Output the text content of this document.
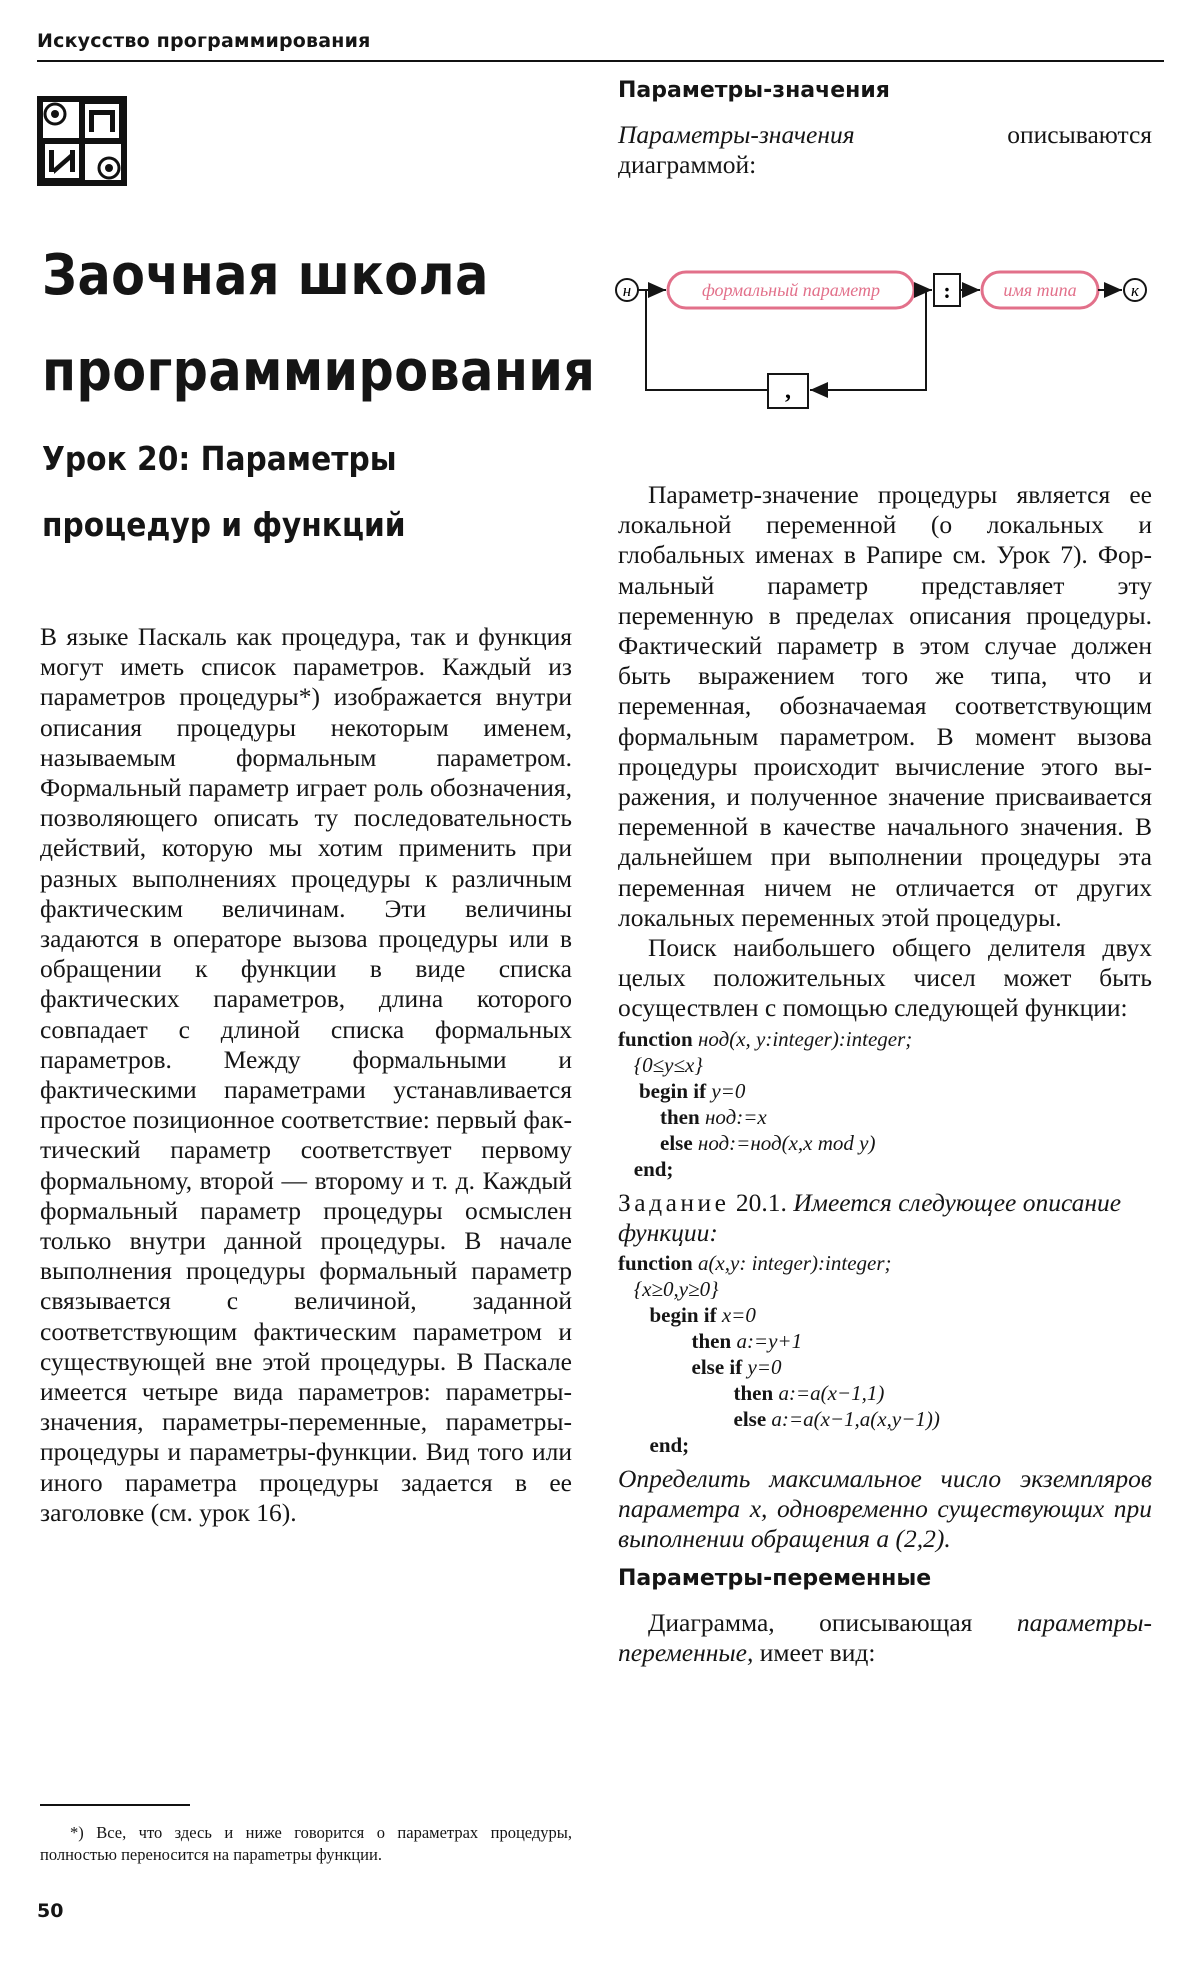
Искусство программирования
ИП
Заочная школа
программирования
Урок 20: Параметры
процедур и функций

В языке Паскаль как процедура, так и функция могут иметь список параметров. Каждый из параметров процедуры*) изображается внутри описания процедуры некоторым именем, называемым формальным параметром. Формальный параметр играет роль обозначения, позволяющего описать ту последовательность действий, которую мы хотим применить при разных выполнениях процедуры к различным фактическим величинам. Эти величины задаются в операторе вызова процедуры или в обращении к функции в виде списка фактических параметров, длина которого совпадает с длиной списка формальных параметров. Между формальными и фактическими параметрами устанавливается простое позиционное соответствие: первый фактический параметр соответствует первому формальному, второй — второму и т. д. Каждый формальный параметр процедуры осмыслен только внутри данной процедуры. В начале выполнения процедуры формальный параметр связывается с величиной, заданной соответствующим фактическим параметром и существующей вне этой процедуры. В Паскале имеется четыре вида параметров: параметры-значения, параметры-переменные, параметры-процедуры и параметры-функции. Вид того или иного параметра процедуры задается в ее заголовке (см. урок 16).

*) Все, что здесь и ниже говорится о параметрах процедуры, полностью переносится на параmетры функции.
50
Параметры-значения
Параметры-значения	описываются
диаграммой:
н	формальный параметр	:	имя типа	к
,

Параметр-значение процедуры является ее локальной переменной (о локальных и глобальных именах в Рапире см. Урок 7). Формальный параметр представляет эту переменную в пределах описания процедуры. Фактический параметр в этом случае должен быть выражением того же типа, что и переменная, обозначаемая соответствующим формальным параметром. В момент вызова процедуры происходит вычисление этого выражения, и полученное значение присваивается переменной в качестве начального значения. В дальнейшем при выполнении процедуры эта переменная ничем не отличается от других локальных переменных этой процедуры.

Поиск наибольшего общего делителя двух целых положительных чисел может быть осуществлен с помощью следующей функции:

function нод(x, y:integer):integer;
{0≤y≤x}
begin if y=0
then нод:=x
else нод:=нод(x,x mod y)
end;

Задание 20.1. Имеется следующее описание функции:

function a(x,y: integer):integer;
{x≥0,y≥0}
begin if x=0
then a:=y+1
else if y=0
then a:=a(x−1,1)
else a:=a(x−1,a(x,y−1))
end;

Определить максимальное число экземпляров параметра x, одновременно существующих при выполнении обращения a (2,2).

Параметры-переменные

Диаграмма, описывающая параметры-переменные, имеет вид:
